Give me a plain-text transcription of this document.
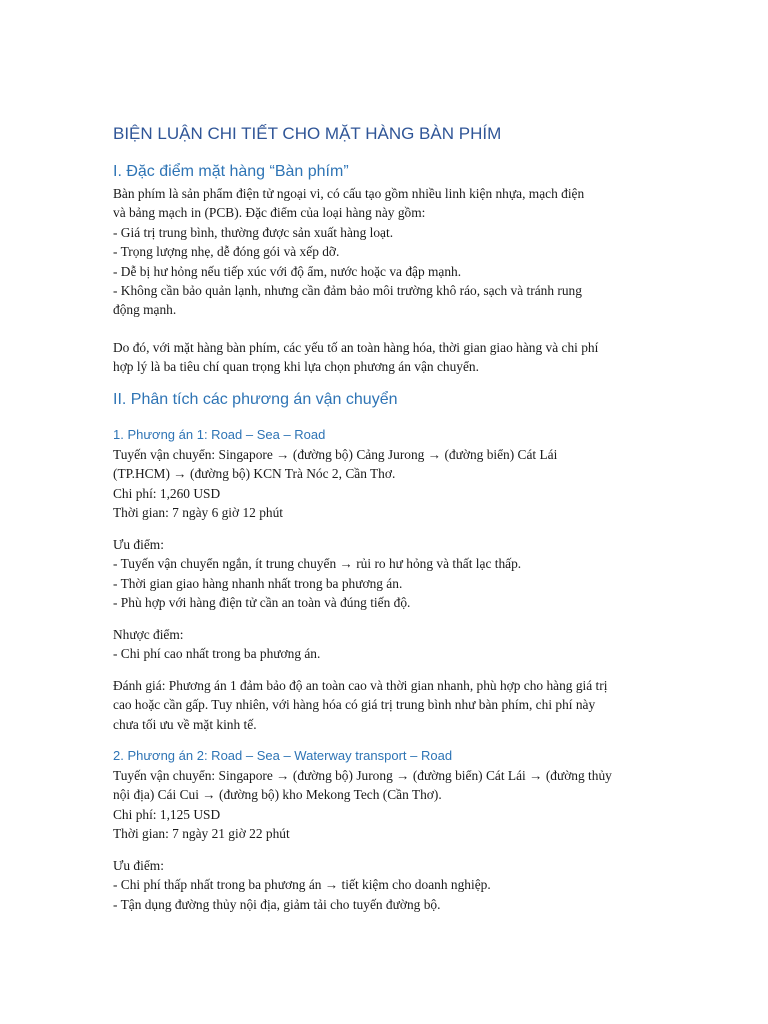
BIỆN LUẬN CHI TIẾT CHO MẶT HÀNG BÀN PHÍM
I. Đặc điểm mặt hàng “Bàn phím”
Bàn phím là sản phẩm điện tử ngoại vi, có cấu tạo gồm nhiều linh kiện nhựa, mạch điện
và bảng mạch in (PCB). Đặc điểm của loại hàng này gồm:
- Giá trị trung bình, thường được sản xuất hàng loạt.
- Trọng lượng nhẹ, dễ đóng gói và xếp dỡ.
- Dễ bị hư hỏng nếu tiếp xúc với độ ẩm, nước hoặc va đập mạnh.
- Không cần bảo quản lạnh, nhưng cần đảm bảo môi trường khô ráo, sạch và tránh rung
động mạnh.
Do đó, với mặt hàng bàn phím, các yếu tố an toàn hàng hóa, thời gian giao hàng và chi phí
hợp lý là ba tiêu chí quan trọng khi lựa chọn phương án vận chuyển.
II. Phân tích các phương án vận chuyển
1. Phương án 1: Road – Sea – Road
Tuyến vận chuyển: Singapore → (đường bộ) Cảng Jurong → (đường biển) Cát Lái
(TP.HCM) → (đường bộ) KCN Trà Nóc 2, Cần Thơ.
Chi phí: 1,260 USD
Thời gian: 7 ngày 6 giờ 12 phút
Ưu điểm:
- Tuyến vận chuyển ngắn, ít trung chuyển → rủi ro hư hỏng và thất lạc thấp.
- Thời gian giao hàng nhanh nhất trong ba phương án.
- Phù hợp với hàng điện tử cần an toàn và đúng tiến độ.
Nhược điểm:
- Chi phí cao nhất trong ba phương án.
Đánh giá: Phương án 1 đảm bảo độ an toàn cao và thời gian nhanh, phù hợp cho hàng giá trị
cao hoặc cần gấp. Tuy nhiên, với hàng hóa có giá trị trung bình như bàn phím, chi phí này
chưa tối ưu về mặt kinh tế.
2. Phương án 2: Road – Sea – Waterway transport – Road
Tuyến vận chuyển: Singapore → (đường bộ) Jurong → (đường biển) Cát Lái → (đường thủy
nội địa) Cái Cui → (đường bộ) kho Mekong Tech (Cần Thơ).
Chi phí: 1,125 USD
Thời gian: 7 ngày 21 giờ 22 phút
Ưu điểm:
- Chi phí thấp nhất trong ba phương án → tiết kiệm cho doanh nghiệp.
- Tận dụng đường thủy nội địa, giảm tải cho tuyến đường bộ.
